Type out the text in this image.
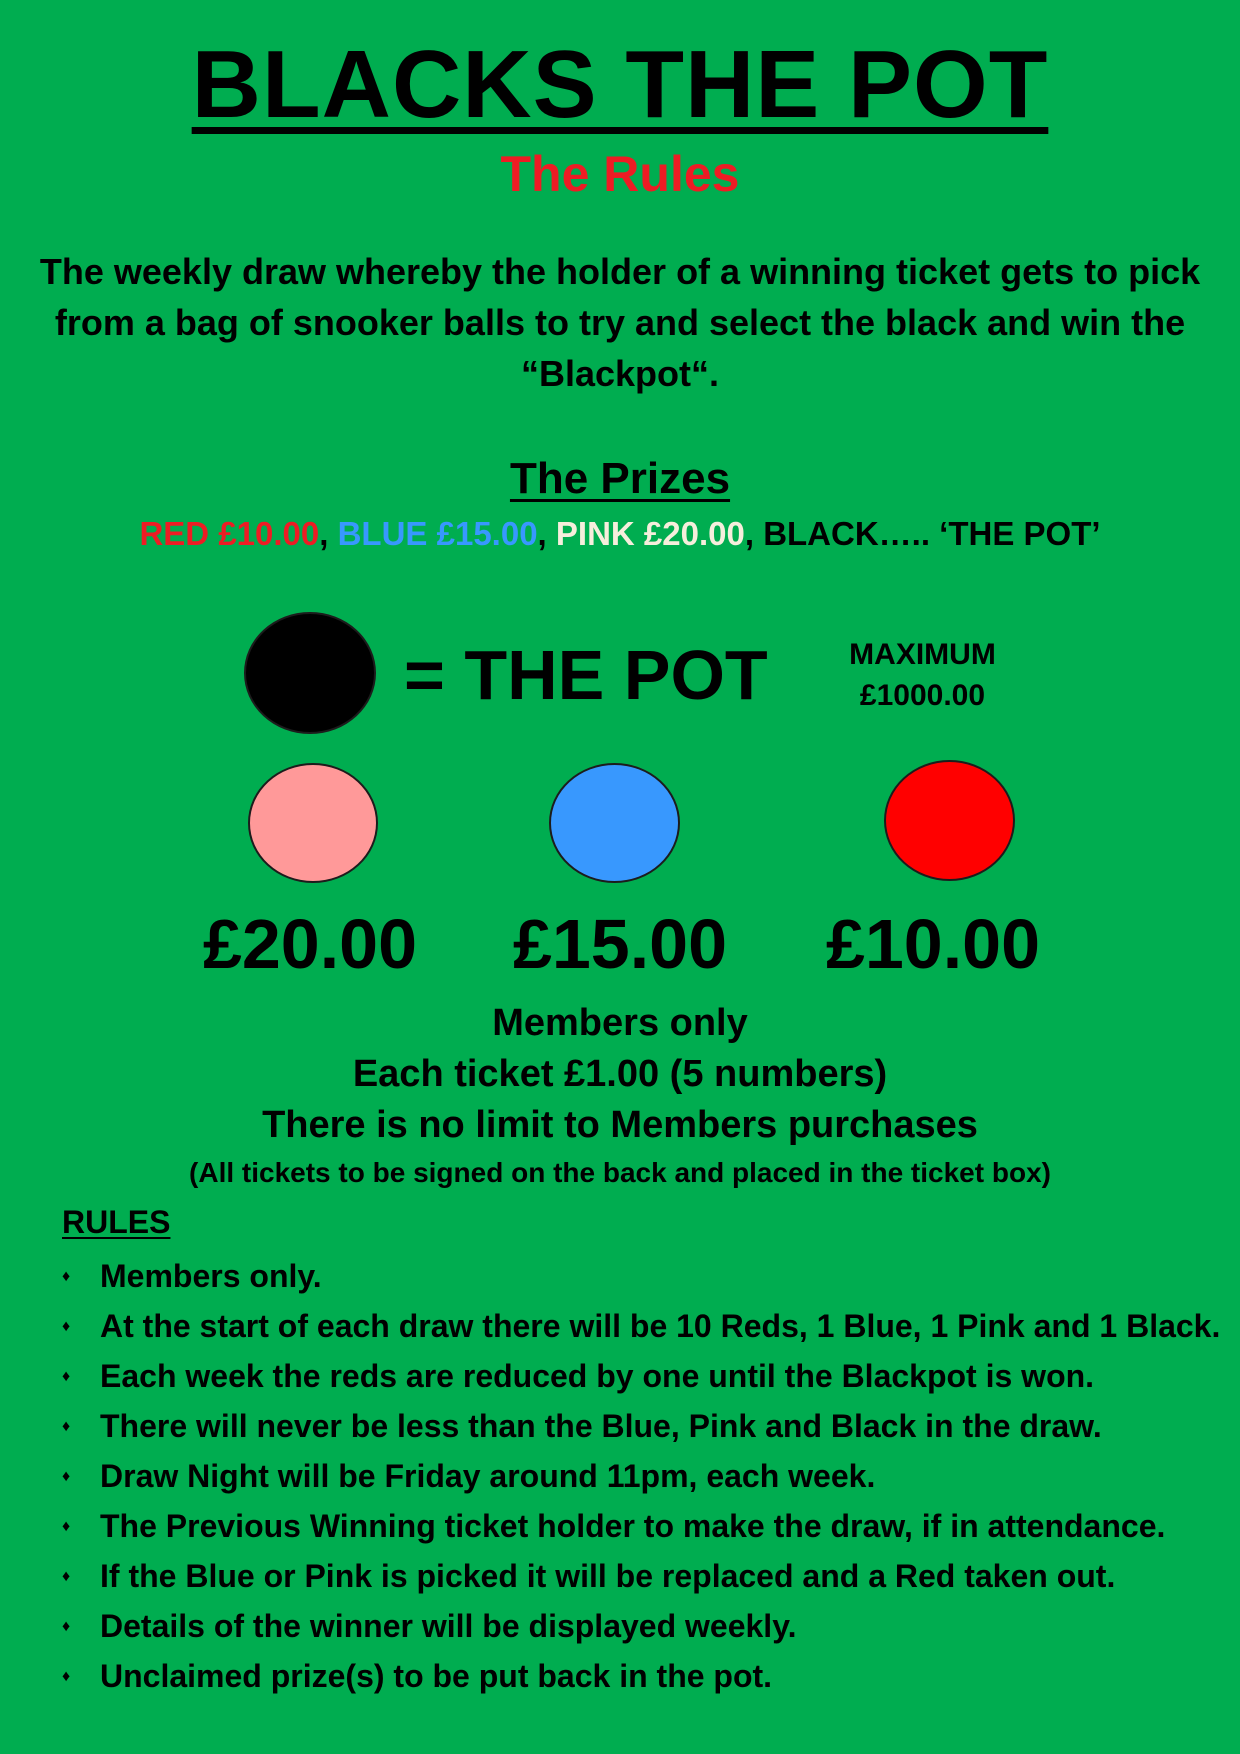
BLACKS THE POT
The Rules
The weekly draw whereby the holder of a winning ticket gets to pick from a bag of snooker balls to try and select the black and win the “Blackpot“.
The Prizes
RED £10.00, BLUE £15.00, PINK £20.00, BLACK….. ‘THE POT’
= THE POT	MAXIMUM
£1000.00
£20.00	£15.00	£10.00
Members only
Each ticket £1.00 (5 numbers)
There is no limit to Members purchases
(All tickets to be signed on the back and placed in the ticket box)
RULES
♦ Members only.
♦ At the start of each draw there will be 10 Reds, 1 Blue, 1 Pink and 1 Black.
♦ Each week the reds are reduced by one until the Blackpot is won.
♦ There will never be less than the Blue, Pink and Black in the draw.
♦ Draw Night will be Friday around 11pm, each week.
♦ The Previous Winning ticket holder to make the draw, if in attendance.
♦ If the Blue or Pink is picked it will be replaced and a Red taken out.
♦ Details of the winner will be displayed weekly.
♦ Unclaimed prize(s) to be put back in the pot.
